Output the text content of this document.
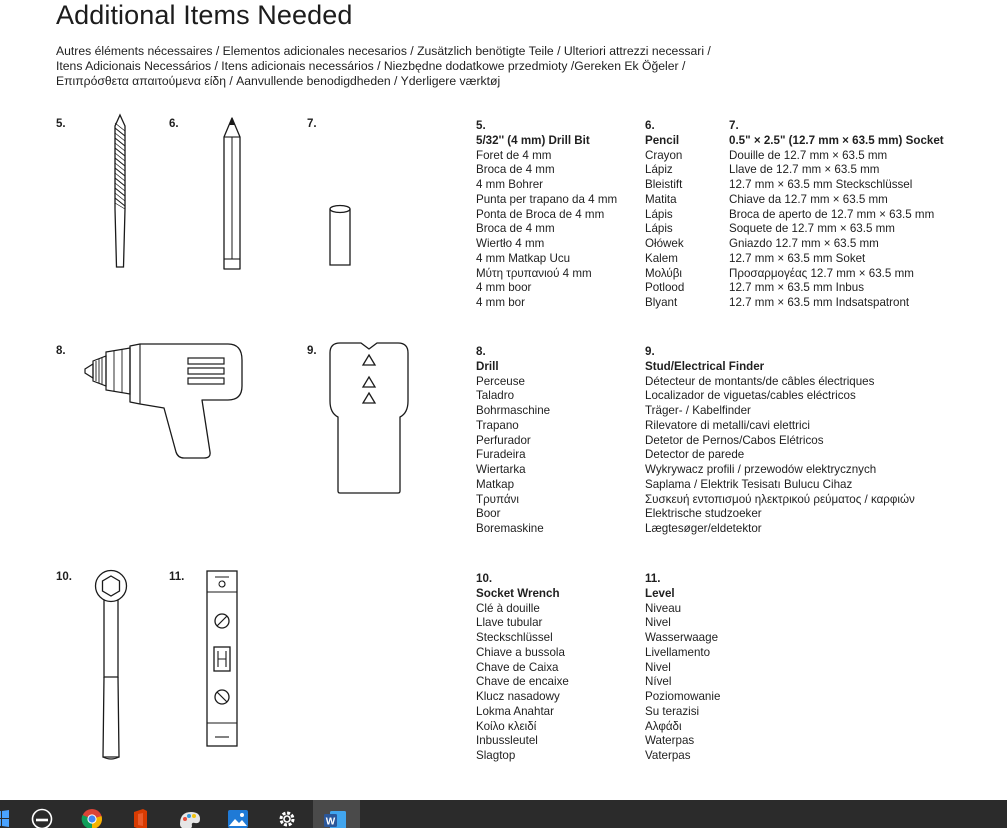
Additional Items Needed
Autres éléments nécessaires / Elementos adicionales necesarios / Zusätzlich benötigte Teile / Ulteriori attrezzi necessari /
Itens Adicionais Necessários / Itens adicionais necessários / Niezbędne dodatkowe przedmioty /Gereken Ek Öğeler /
Επιπρόσθετα απαιτούμενα είδη / Aanvullende benodigdheden / Yderligere værktøj
5.	6.	7.
8.	9.
10.	11.
5.
5/32'' (4 mm) Drill Bit
Foret de 4 mm
Broca de 4 mm
4 mm Bohrer
Punta per trapano da 4 mm
Ponta de Broca de 4 mm
Broca de 4 mm
Wiertło 4 mm
4 mm Matkap Ucu
Μύτη τρυπανιού 4 mm
4 mm boor
4 mm bor
6.
Pencil
Crayon
Lápiz
Bleistift
Matita
Lápis
Lápis
Ołówek
Kalem
Μολύβι
Potlood
Blyant
7.
0.5" × 2.5" (12.7 mm × 63.5 mm) Socket
Douille de 12.7 mm × 63.5 mm
Llave de 12.7 mm × 63.5 mm
12.7 mm × 63.5 mm Steckschlüssel
Chiave da 12.7 mm × 63.5 mm
Broca de aperto de 12.7 mm × 63.5 mm
Soquete de 12.7 mm × 63.5 mm
Gniazdo 12.7 mm × 63.5 mm
12.7 mm × 63.5 mm Soket
Προσαρμογέας 12.7 mm × 63.5 mm
12.7 mm × 63.5 mm Inbus
12.7 mm × 63.5 mm Indsatspatront
8.
Drill
Perceuse
Taladro
Bohrmaschine
Trapano
Perfurador
Furadeira
Wiertarka
Matkap
Τρυπάνι
Boor
Boremaskine
9.
Stud/Electrical Finder
Détecteur de montants/de câbles électriques
Localizador de viguetas/cables eléctricos
Träger- / Kabelfinder
Rilevatore di metalli/cavi elettrici
Detetor de Pernos/Cabos Elétricos
Detector de parede
Wykrywacz profili / przewodów elektrycznych
Saplama / Elektrik Tesisatı Bulucu Cihaz
Συσκευή εντοπισμού ηλεκτρικού ρεύματος / καρφιών
Elektrische studzoeker
Lægtesøger/eldetektor
10.
Socket Wrench
Clé à douille
Llave tubular
Steckschlüssel
Chiave a bussola
Chave de Caixa
Chave de encaixe
Klucz nasadowy
Lokma Anahtar
Κοίλο κλειδί
Inbussleutel
Slagtop
11.
Level
Niveau
Nivel
Wasserwaage
Livellamento
Nivel
Nível
Poziomowanie
Su terazisi
Αλφάδι
Waterpas
Vaterpas
W
